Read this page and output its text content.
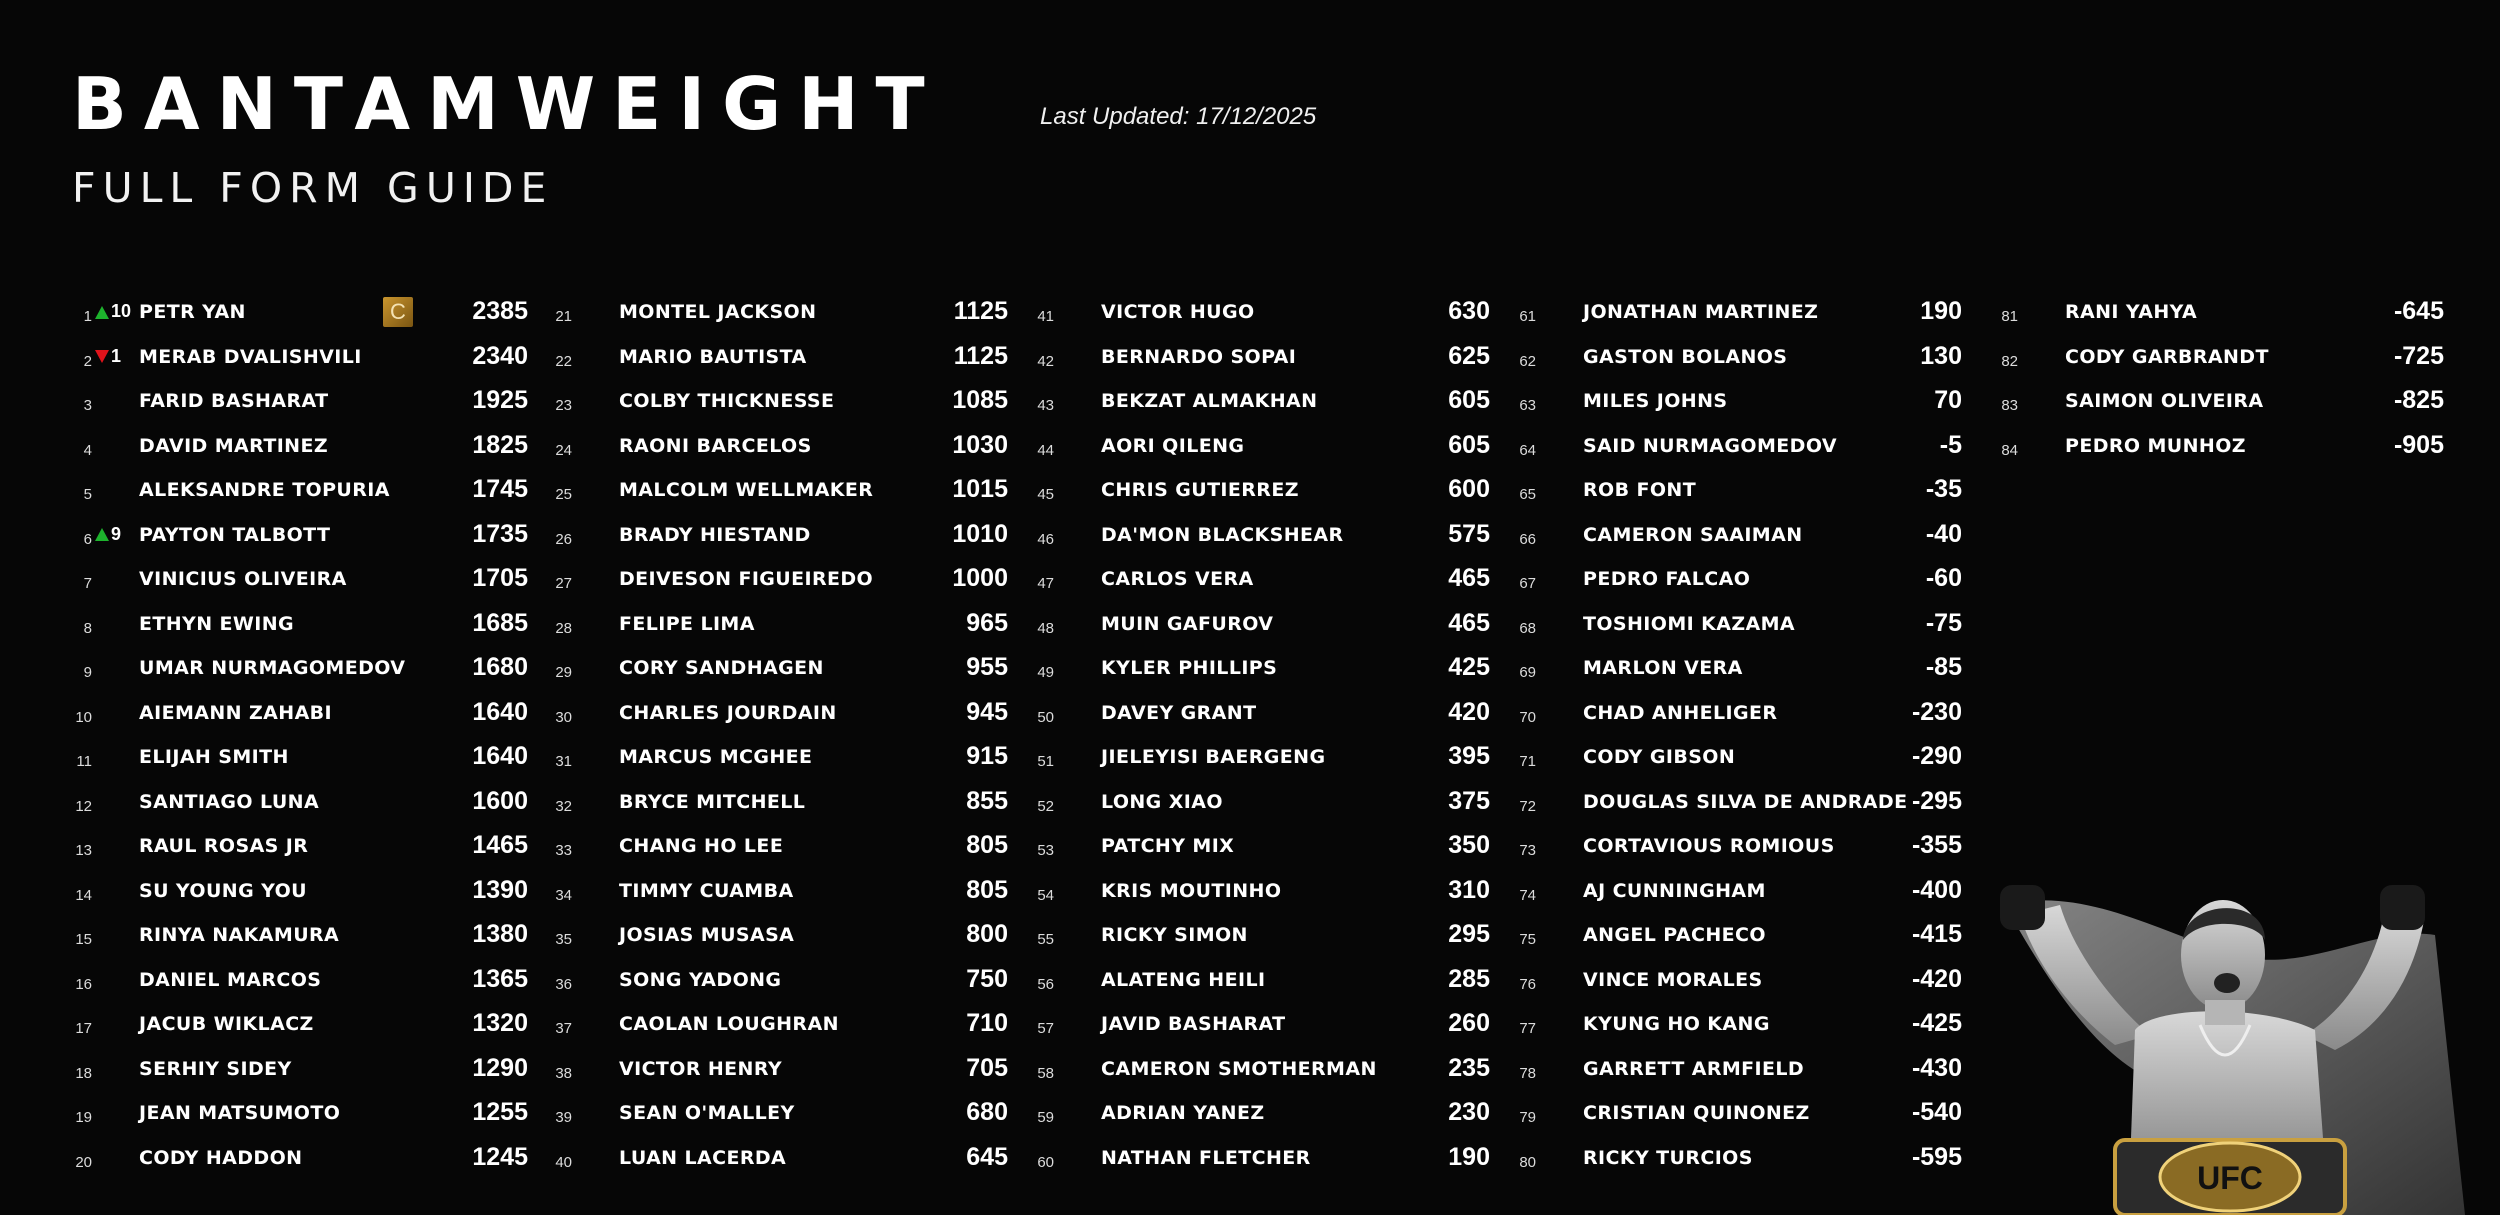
BANTAMWEIGHT
FULL FORM GUIDE
Last Updated: 17/12/2025
1	10 PETR YAN	C	2385
2	1 MERAB DVALISHVILI	2340
3 FARID BASHARAT	1925
4 DAVID MARTINEZ	1825
5 ALEKSANDRE TOPURIA	1745
6	9 PAYTON TALBOTT	1735
7 VINICIUS OLIVEIRA	1705
8 ETHYN EWING	1685
9 UMAR NURMAGOMEDOV	1680
10 AIEMANN ZAHABI	1640
11 ELIJAH SMITH	1640
12 SANTIAGO LUNA	1600
13 RAUL ROSAS JR	1465
14 SU YOUNG YOU	1390
15 RINYA NAKAMURA	1380
16 DANIEL MARCOS	1365
17 JACUB WIKLACZ	1320
18 SERHIY SIDEY	1290
19 JEAN MATSUMOTO	1255
20 CODY HADDON	1245
21 MONTEL JACKSON	1125
22 MARIO BAUTISTA	1125
23 COLBY THICKNESSE	1085
24 RAONI BARCELOS	1030
25 MALCOLM WELLMAKER	1015
26 BRADY HIESTAND	1010
27 DEIVESON FIGUEIREDO	1000
28 FELIPE LIMA	965
29 CORY SANDHAGEN	955
30 CHARLES JOURDAIN	945
31 MARCUS MCGHEE	915
32 BRYCE MITCHELL	855
33 CHANG HO LEE	805
34 TIMMY CUAMBA	805
35 JOSIAS MUSASA	800
36 SONG YADONG	750
37 CAOLAN LOUGHRAN	710
38 VICTOR HENRY	705
39 SEAN O'MALLEY	680
40 LUAN LACERDA	645
41 VICTOR HUGO	630
42 BERNARDO SOPAI	625
43 BEKZAT ALMAKHAN	605
44 AORI QILENG	605
45 CHRIS GUTIERREZ	600
46 DA'MON BLACKSHEAR	575
47 CARLOS VERA	465
48 MUIN GAFUROV	465
49 KYLER PHILLIPS	425
50 DAVEY GRANT	420
51 JIELEYISI BAERGENG	395
52 LONG XIAO	375
53 PATCHY MIX	350
54 KRIS MOUTINHO	310
55 RICKY SIMON	295
56 ALATENG HEILI	285
57 JAVID BASHARAT	260
58 CAMERON SMOTHERMAN	235
59 ADRIAN YANEZ	230
60 NATHAN FLETCHER	190
61 JONATHAN MARTINEZ	190
62 GASTON BOLANOS	130
63 MILES JOHNS	70
64 SAID NURMAGOMEDOV	-5
65 ROB FONT	-35
66 CAMERON SAAIMAN	-40
67 PEDRO FALCAO	-60
68 TOSHIOMI KAZAMA	-75
69 MARLON VERA	-85
70 CHAD ANHELIGER	-230
71 CODY GIBSON	-290
72 DOUGLAS SILVA DE ANDRADE -295
73 CORTAVIOUS ROMIOUS	-355
74 AJ CUNNINGHAM	-400
75 ANGEL PACHECO	-415
76 VINCE MORALES	-420
77 KYUNG HO KANG	-425
78 GARRETT ARMFIELD	-430
79 CRISTIAN QUINONEZ	-540
80 RICKY TURCIOS	-595
81 RANI YAHYA	-645
82 CODY GARBRANDT	-725
83 SAIMON OLIVEIRA	-825
84 PEDRO MUNHOZ	-905
UFC
